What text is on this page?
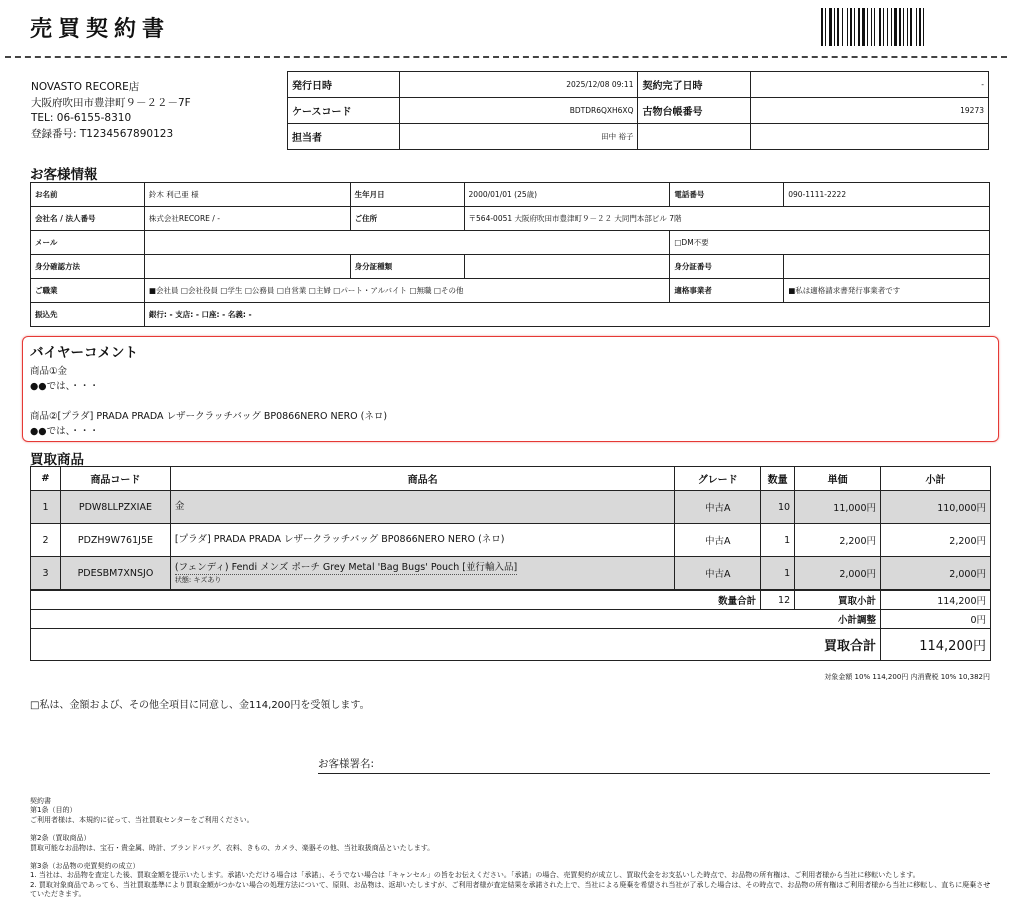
売買契約書
NOVASTO RECORE店
大阪府吹田市豊津町９－２２－7F
TEL: 06-6155-8310
登録番号: T1234567890123
発行日時	2025/12/08 09:11	契約完了日時	-
ケースコード	BDTDR6QXH6XQ	古物台帳番号	19273
担当者	田中 裕子		
お客様情報
お名前	鈴木 利己亜 様	生年月日	2000/01/01 (25歳)	電話番号	090-1111-2222
会社名 / 法人番号	株式会社RECORE / -	ご住所	〒564-0051 大阪府吹田市豊津町９－２２ 大同門本部ビル 7階		
メール				□DM不要	
身分確認方法		身分証種類		身分証番号	
ご職業	■会社員 □会社役員 □学生 □公務員 □自営業 □主婦 □パート・アルバイト □無職 □その他			適格事業者	■私は適格請求書発行事業者です
振込先	銀行: - 支店: - 口座: - 名義: -				
バイヤーコメント
商品①金
●●では、・・・
商品②[プラダ] PRADA PRADA レザークラッチバッグ BP0866NERO NERO (ネロ)
●●では、・・・
買取商品
#	商品コード	商品名	グレード	数量	単価	小計
1	PDW8LLPZXIAE	金	中古A	10	11,000円	110,000円
2	PDZH9W761J5E	[プラダ] PRADA PRADA レザークラッチバッグ BP0866NERO NERO (ネロ)	中古A	1	2,200円	2,200円
3	PDESBM7XNSJO	(フェンディ) Fendi メンズ ポーチ Grey Metal 'Bag Bugs' Pouch [並行輸入品]
状態: キズあり	中古A	1	2,000円	2,000円
	数量合計	12	買取小計	114,200円
小計調整				0円
買取合計				114,200円
対象金額 10% 114,200円 内消費税 10% 10,382円
□私は、金額および、その他全項目に同意し、金114,200円を受領します。
お客様署名:

契約書

第1条（目的）

ご利用者様は、本規約に従って、当社買取センターをご利用ください。

第2条（買取商品）

買取可能なお品物は、宝石・貴金属、時計、ブランドバッグ、衣料、きもの、カメラ、楽器その他、当社取扱商品といたします。

第3条（お品物の売買契約の成立）

1. 当社は、お品物を査定した後、買取金額を提示いたします。承諾いただける場合は「承諾」、そうでない場合は「キャンセル」の旨をお伝えください。「承諾」の場合、売買契約が成立し、買取代金をお支払いした時点で、お品物の所有権は、ご利用者様から当社に移転いたします。

2. 買取対象商品であっても、当社買取基準により買取金額がつかない場合の処理方法について、原則、お品物は、返却いたしますが、ご利用者様が査定結果を承諾された上で、当社による廃棄を希望され当社が了承した場合は、その時点で、お品物の所有権はご利用者様から当社に移転し、直ちに廃棄させていただきます。
